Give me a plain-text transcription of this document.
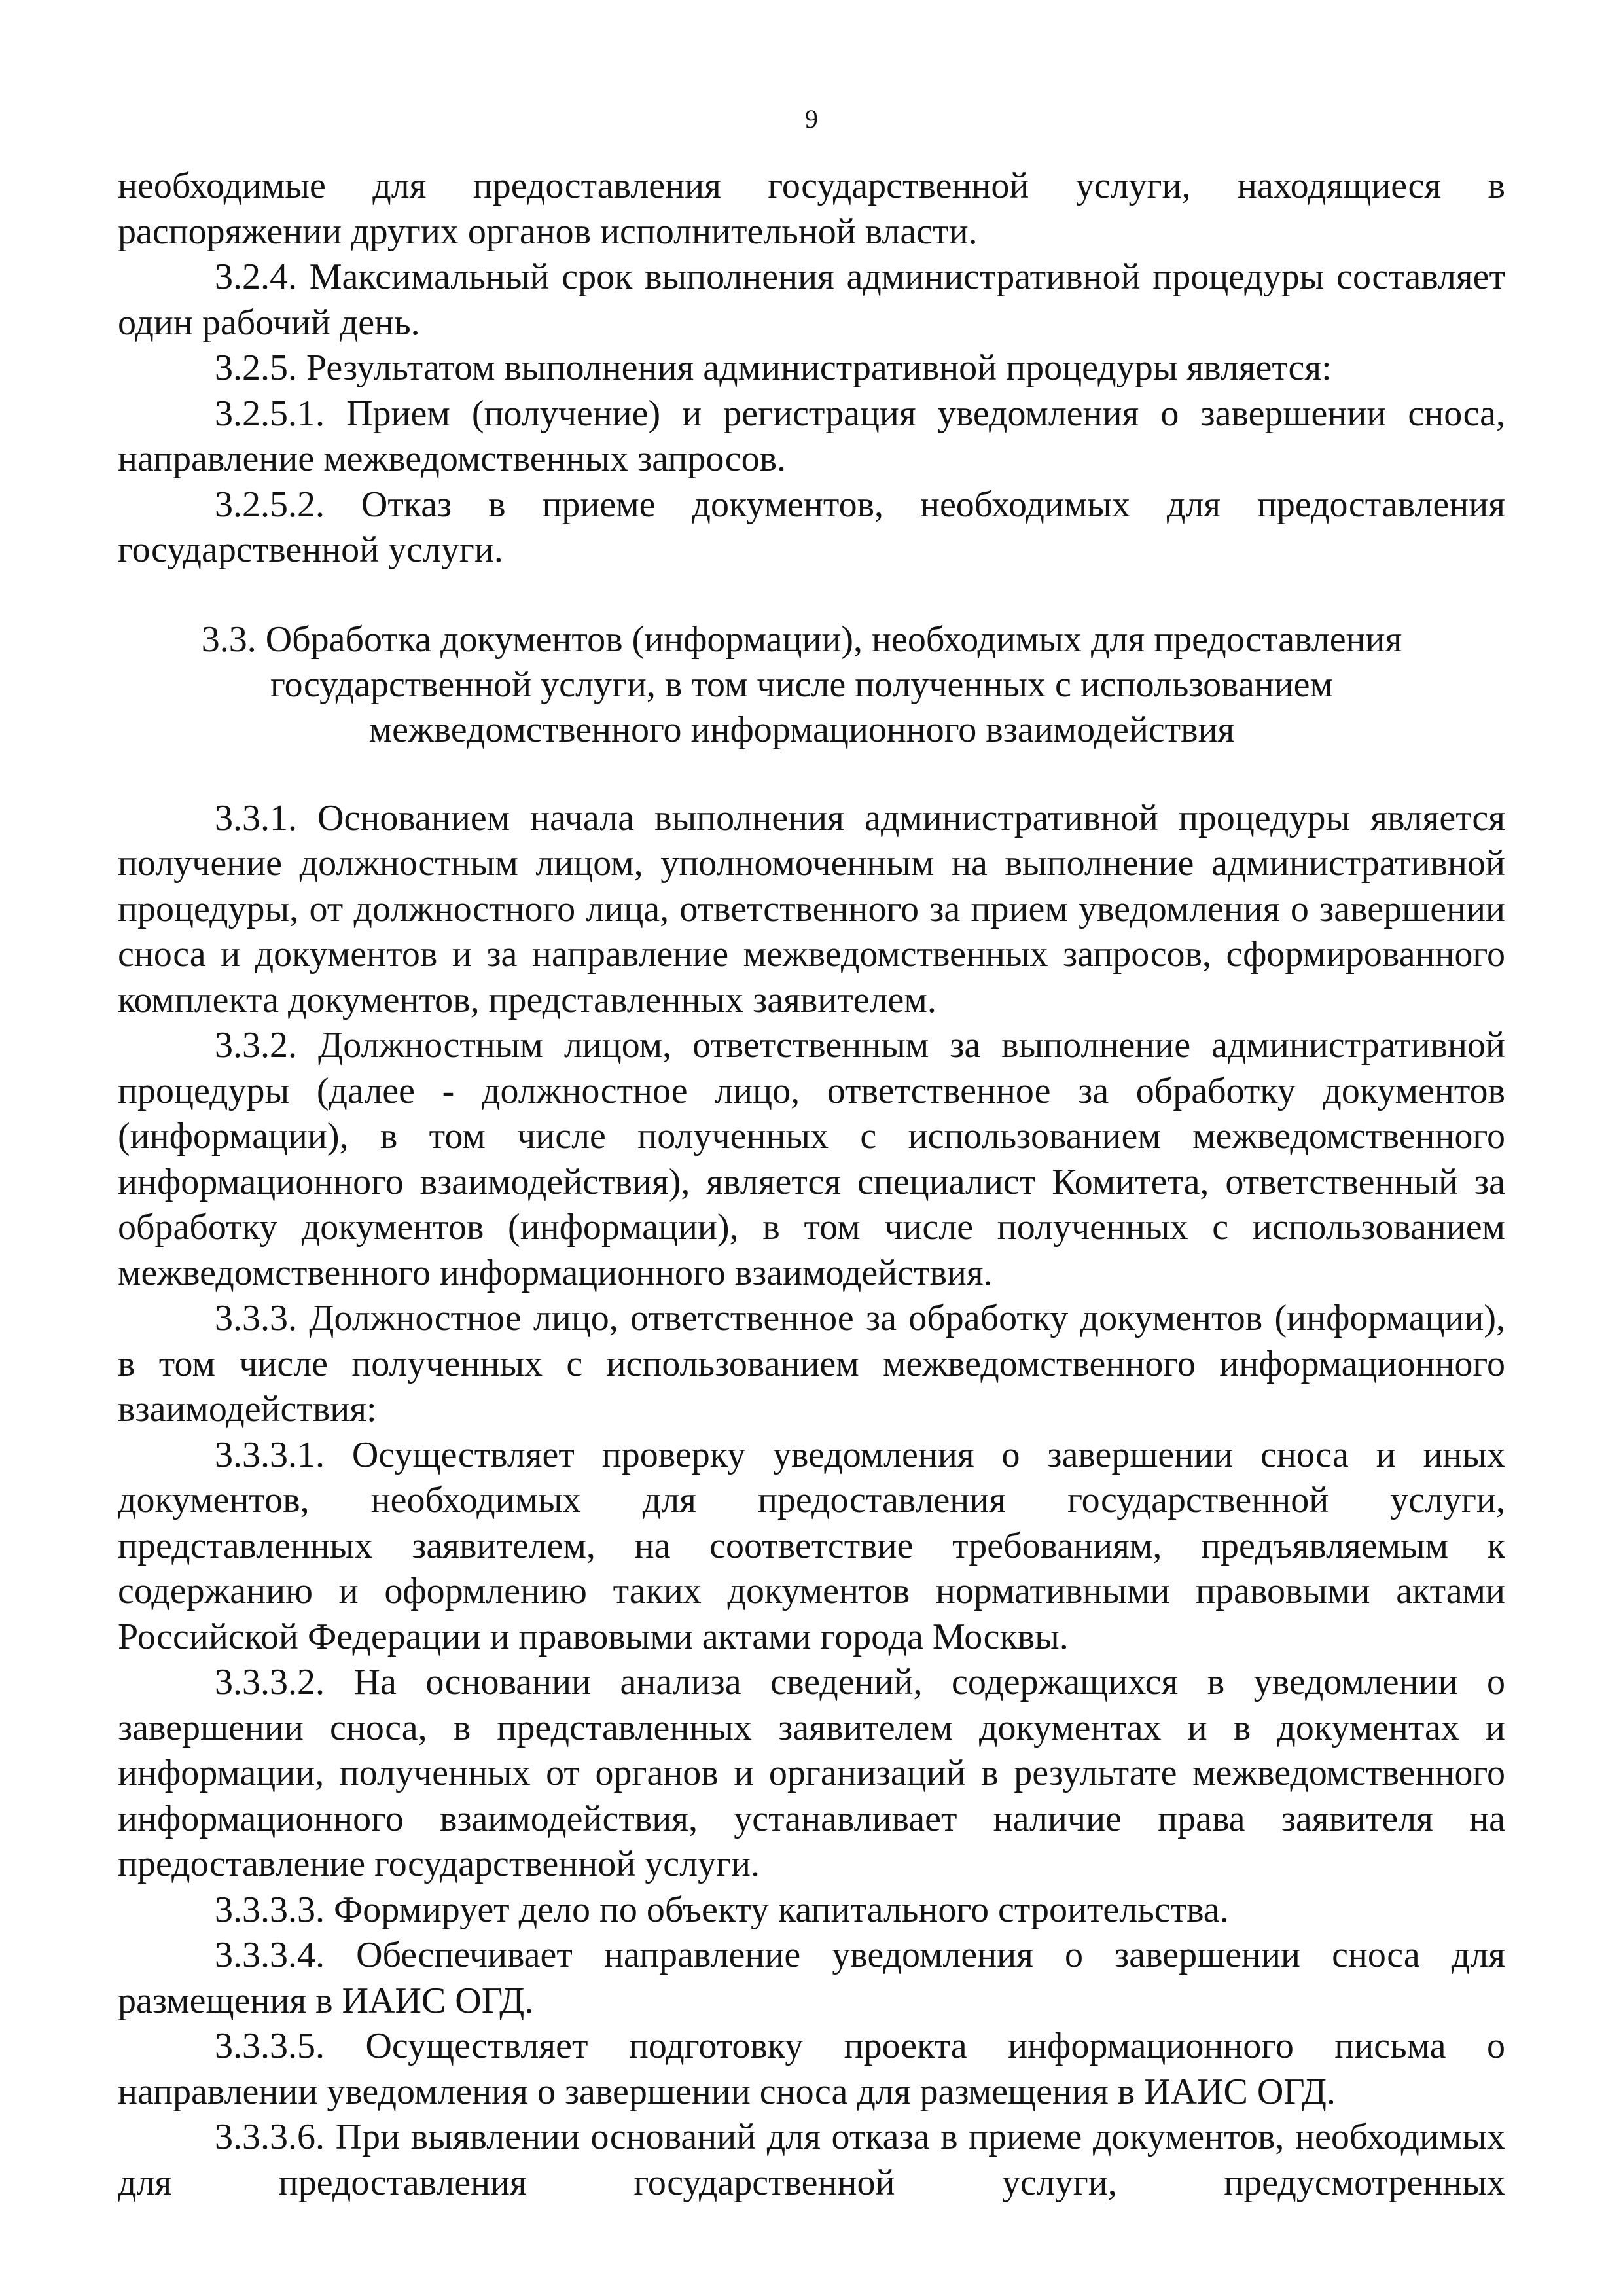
9

необходимые для предоставления государственной услуги, находящиеся в распоряжении других органов исполнительной власти.

3.2.4. Максимальный срок выполнения административной процедуры составляет один рабочий день.

3.2.5. Результатом выполнения административной процедуры является:

3.2.5.1. Прием (получение) и регистрация уведомления о завершении сноса, направление межведомственных запросов.

3.2.5.2. Отказ в приеме документов, необходимых для предоставления государственной услуги.

3.3. Обработка документов (информации), необходимых для предоставления
государственной услуги, в том числе полученных с использованием
межведомственного информационного взаимодействия

3.3.1. Основанием начала выполнения административной процедуры является получение должностным лицом, уполномоченным на выполнение административной процедуры, от должностного лица, ответственного за прием уведомления о завершении сноса и документов и за направление межведомственных запросов, сформированного комплекта документов, представленных заявителем.

3.3.2. Должностным лицом, ответственным за выполнение административной процедуры (далее - должностное лицо, ответственное за обработку документов (информации), в том числе полученных с использованием межведомственного информационного взаимодействия), является специалист Комитета, ответственный за обработку документов (информации), в том числе полученных с использованием межведомственного информационного взаимодействия.

3.3.3. Должностное лицо, ответственное за обработку документов (информации), в том числе полученных с использованием межведомственного информационного взаимодействия:

3.3.3.1. Осуществляет проверку уведомления о завершении сноса и иных документов, необходимых для предоставления государственной услуги, представленных заявителем, на соответствие требованиям, предъявляемым к содержанию и оформлению таких документов нормативными правовыми актами Российской Федерации и правовыми актами города Москвы.

3.3.3.2. На основании анализа сведений, содержащихся в уведомлении о завершении сноса, в представленных заявителем документах и в документах и информации, полученных от органов и организаций в результате межведомственного информационного взаимодействия, устанавливает наличие права заявителя на предоставление государственной услуги.

3.3.3.3. Формирует дело по объекту капитального строительства.

3.3.3.4. Обеспечивает направление уведомления о завершении сноса для размещения в ИАИС ОГД.

3.3.3.5. Осуществляет подготовку проекта информационного письма о направлении уведомления о завершении сноса для размещения в ИАИС ОГД.

3.3.3.6. При выявлении оснований для отказа в приеме документов, необходимых для предоставления государственной услуги, предусмотренных
